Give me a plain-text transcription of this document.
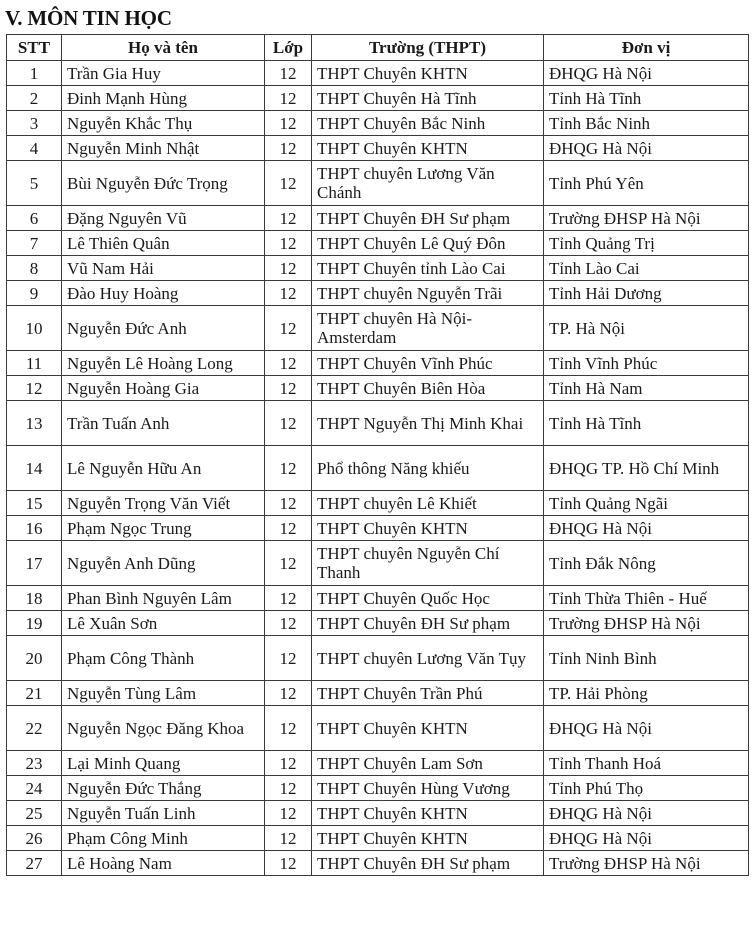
V. MÔN TIN HỌC
STT	Họ và tên	Lớp	Trường (THPT)	Đơn vị
1	Trần Gia Huy	12	THPT Chuyên KHTN	ĐHQG Hà Nội
2	Đinh Mạnh Hùng	12	THPT Chuyên Hà Tĩnh	Tỉnh Hà Tĩnh
3	Nguyễn Khắc Thụ	12	THPT Chuyên Bắc Ninh	Tỉnh Bắc Ninh
4	Nguyễn Minh Nhật	12	THPT Chuyên KHTN	ĐHQG Hà Nội
5	Bùi Nguyễn Đức Trọng	12	THPT chuyên Lương Văn Chánh	Tỉnh Phú Yên
6	Đặng Nguyên Vũ	12	THPT Chuyên ĐH Sư phạm	Trường ĐHSP Hà Nội
7	Lê Thiên Quân	12	THPT Chuyên Lê Quý Đôn	Tỉnh Quảng Trị
8	Vũ Nam Hải	12	THPT Chuyên tỉnh Lào Cai	Tỉnh Lào Cai
9	Đào Huy Hoàng	12	THPT chuyên Nguyễn Trãi	Tỉnh Hải Dương
10	Nguyễn Đức Anh	12	THPT chuyên Hà Nội-Amsterdam	TP. Hà Nội
11	Nguyễn Lê Hoàng Long	12	THPT Chuyên Vĩnh Phúc	Tỉnh Vĩnh Phúc
12	Nguyễn Hoàng Gia	12	THPT Chuyên Biên Hòa	Tỉnh Hà Nam
13	Trần Tuấn Anh	12	THPT Nguyễn Thị Minh Khai	Tỉnh Hà Tĩnh
14	Lê Nguyễn Hữu An	12	Phổ thông Năng khiếu	ĐHQG TP. Hồ Chí Minh
15	Nguyễn Trọng Văn Viết	12	THPT chuyên Lê Khiết	Tỉnh Quảng Ngãi
16	Phạm Ngọc Trung	12	THPT Chuyên KHTN	ĐHQG Hà Nội
17	Nguyễn Anh Dũng	12	THPT chuyên Nguyễn Chí Thanh	Tỉnh Đắk Nông
18	Phan Bình Nguyên Lâm	12	THPT Chuyên Quốc Học	Tỉnh Thừa Thiên - Huế
19	Lê Xuân Sơn	12	THPT Chuyên ĐH Sư phạm	Trường ĐHSP Hà Nội
20	Phạm Công Thành	12	THPT chuyên Lương Văn Tụy	Tỉnh Ninh Bình
21	Nguyễn Tùng Lâm	12	THPT Chuyên Trần Phú	TP. Hải Phòng
22	Nguyễn Ngọc Đăng Khoa	12	THPT Chuyên KHTN	ĐHQG Hà Nội
23	Lại Minh Quang	12	THPT Chuyên Lam Sơn	Tỉnh Thanh Hoá
24	Nguyễn Đức Thắng	12	THPT Chuyên Hùng Vương	Tỉnh Phú Thọ
25	Nguyễn Tuấn Linh	12	THPT Chuyên KHTN	ĐHQG Hà Nội
26	Phạm Công Minh	12	THPT Chuyên KHTN	ĐHQG Hà Nội
27	Lê Hoàng Nam	12	THPT Chuyên ĐH Sư phạm	Trường ĐHSP Hà Nội
